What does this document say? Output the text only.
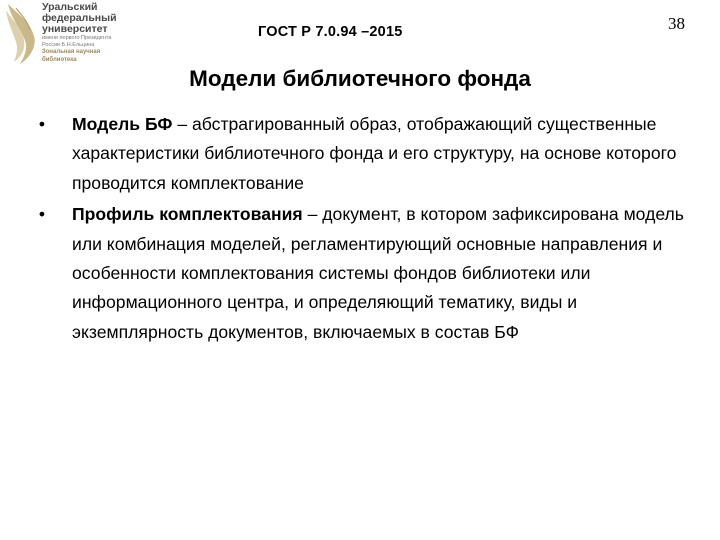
Уральский
федеральный
университет
имени первого Президента
России Б.Н.Ельцина
Зональная научная
библиотека
ГОСТ Р 7.0.94 –2015	38
Модели библиотечного фонда
•	Модель БФ – абстрагированный образ, отображающий существенные характеристики библиотечного фонда и его структуру, на основе которого проводится комплектование
•	Профиль комплектования – документ, в котором зафиксирована модель или комбинация моделей, регламентирующий основные направления и особенности комплектования системы фондов библиотеки или информационного центра, и определяющий тематику, виды и экземплярность документов, включаемых в состав БФ
